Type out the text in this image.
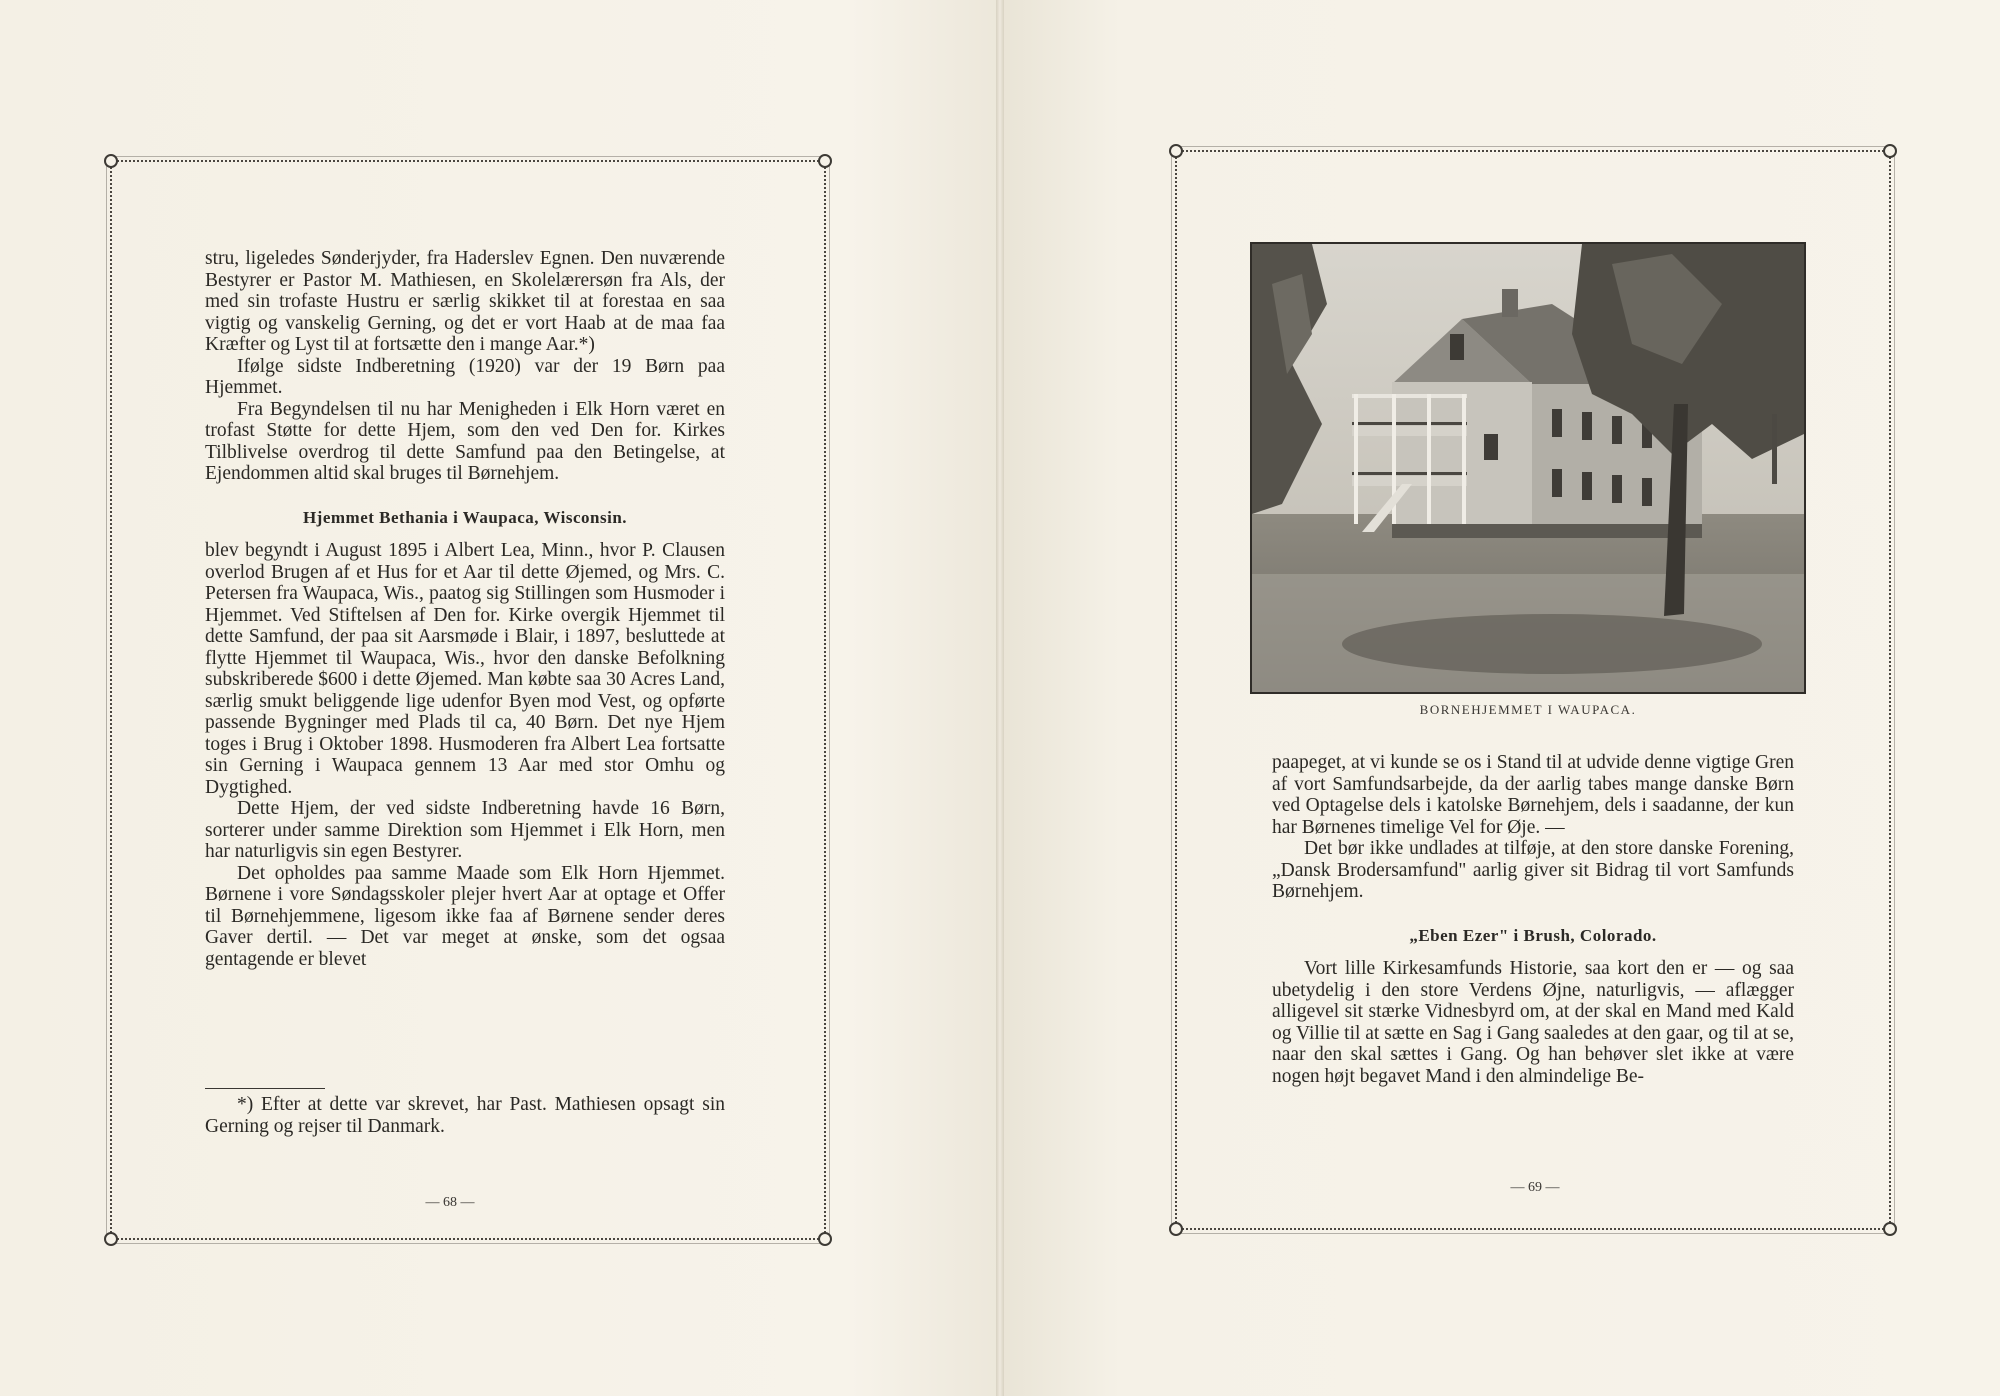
stru, ligeledes Sønderjyder, fra Haderslev Egnen. Den nuværende Bestyrer er Pastor M. Mathiesen, en Skolelærersøn fra Als, der med sin trofaste Hustru er særlig skikket til at forestaa en saa vigtig og vanskelig Gerning, og det er vort Haab at de maa faa Kræfter og Lyst til at fortsætte den i mange Aar.*)

Ifølge sidste Indberetning (1920) var der 19 Børn paa Hjemmet.

Fra Begyndelsen til nu har Menigheden i Elk Horn været en trofast Støtte for dette Hjem, som den ved Den for. Kirkes Tilblivelse overdrog til dette Samfund paa den Betingelse, at Ejendommen altid skal bruges til Børnehjem.

Hjemmet Bethania i Waupaca, Wisconsin.

blev begyndt i August 1895 i Albert Lea, Minn., hvor P. Clausen overlod Brugen af et Hus for et Aar til dette Øjemed, og Mrs. C. Petersen fra Waupaca, Wis., paatog sig Stillingen som Husmoder i Hjemmet. Ved Stiftelsen af Den for. Kirke overgik Hjemmet til dette Samfund, der paa sit Aarsmøde i Blair, i 1897, besluttede at flytte Hjemmet til Waupaca, Wis., hvor den danske Befolkning subskriberede $600 i dette Øjemed. Man købte saa 30 Acres Land, særlig smukt beliggende lige udenfor Byen mod Vest, og opførte passende Bygninger med Plads til ca, 40 Børn. Det nye Hjem toges i Brug i Oktober 1898. Husmoderen fra Albert Lea fortsatte sin Gerning i Waupaca gennem 13 Aar med stor Omhu og Dygtighed.

Dette Hjem, der ved sidste Indberetning havde 16 Børn, sorterer under samme Direktion som Hjemmet i Elk Horn, men har naturligvis sin egen Bestyrer.

Det opholdes paa samme Maade som Elk Horn Hjemmet. Børnene i vore Søndagsskoler plejer hvert Aar at optage et Offer til Børnehjemmene, ligesom ikke faa af Børnene sender deres Gaver dertil. — Det var meget at ønske, som det ogsaa gentagende er blevet

*) Efter at dette var skrevet, har Past. Mathiesen opsagt sin Gerning og rejser til Danmark.

— 68 —
BORNEHJEMMET I WAUPACA.

paapeget, at vi kunde se os i Stand til at udvide denne vigtige Gren af vort Samfundsarbejde, da der aarlig tabes mange danske Børn ved Optagelse dels i katolske Børnehjem, dels i saadanne, der kun har Børnenes timelige Vel for Øje. —

Det bør ikke undlades at tilføje, at den store danske Forening, „Dansk Brodersamfund" aarlig giver sit Bidrag til vort Samfunds Børnehjem.

„Eben Ezer" i Brush, Colorado.

Vort lille Kirkesamfunds Historie, saa kort den er — og saa ubetydelig i den store Verdens Øjne, naturligvis, — aflægger alligevel sit stærke Vidnesbyrd om, at der skal en Mand med Kald og Villie til at sætte en Sag i Gang saaledes at den gaar, og til at se, naar den skal sættes i Gang. Og han behøver slet ikke at være nogen højt begavet Mand i den almindelige Be-

— 69 —
